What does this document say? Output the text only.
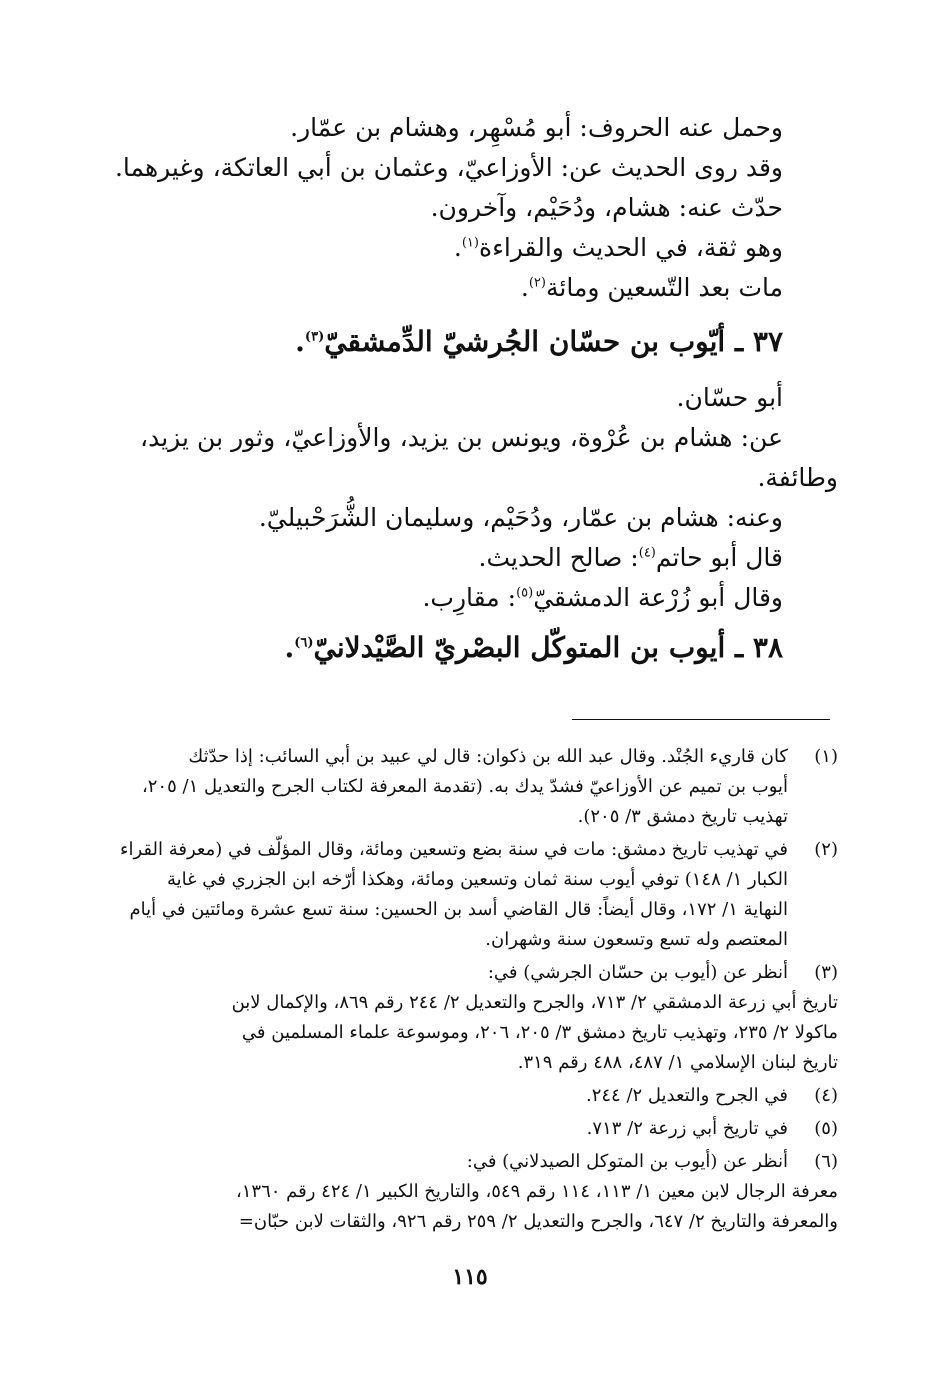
وحمل عنه الحروف: أبو مُسْهِر، وهشام بن عمّار.

وقد روى الحديث عن: الأوزاعيّ، وعثمان بن أبي العاتكة، وغيرهما.

حدّث عنه: هشام، ودُحَيْم، وآخرون.

وهو ثقة، في الحديث والقراءة$^{(١)}$.

مات بعد التّسعين ومائة$^{(٢)}$.

٣٧ ـ أيّوب بن حسّان الجُرشيّ الدِّمشقيّ$^{(٣)}$.

أبو حسّان.

عن: هشام بن عُرْوة، ويونس بن يزيد، والأوزاعيّ، وثور بن يزيد، وطائفة.

وعنه: هشام بن عمّار، ودُحَيْم، وسليمان الشُّرَحْبيليّ.

قال أبو حاتم$^{(٤)}$: صالح الحديث.

وقال أبو زُرْعة الدمشقيّ$^{(٥)}$: مقارِب.

٣٨ ـ أيوب بن المتوكّل البصْريّ الصَّيْدلانيّ$^{(٦)}$.
(١)
كان قاريء الجُنْد. وقال عبد الله بن ذكوان: قال لي عبيد بن أبي السائب: إذا حدّثك
أيوب بن تميم عن الأوزاعيّ فشدّ يدك به. (تقدمة المعرفة لكتاب الجرح والتعديل ١/ ٢٠٥،
تهذيب تاريخ دمشق ٣/ ٢٠٥).
(٢)
في تهذيب تاريخ دمشق: مات في سنة بضع وتسعين ومائة، وقال المؤلّف في (معرفة القراء
الكبار ١/ ١٤٨) توفي أيوب سنة ثمان وتسعين ومائة، وهكذا أرّخه ابن الجزري في غاية
النهاية ١/ ١٧٢، وقال أيضاً: قال القاضي أسد بن الحسين: سنة تسع عشرة ومائتين في أيام
المعتصم وله تسع وتسعون سنة وشهران.
(٣)
أنظر عن (أيوب بن حسّان الجرشي) في:
تاريخ أبي زرعة الدمشقي ٢/ ٧١٣، والجرح والتعديل ٢/ ٢٤٤ رقم ٨٦٩، والإكمال لابن
ماكولا ٢/ ٢٣٥، وتهذيب تاريخ دمشق ٣/ ٢٠٥، ٢٠٦، وموسوعة علماء المسلمين في
تاريخ لبنان الإسلامي ١/ ٤٨٧، ٤٨٨ رقم ٣١٩.
(٤)
في الجرح والتعديل ٢/ ٢٤٤.
(٥)
في تاريخ أبي زرعة ٢/ ٧١٣.
(٦)
أنظر عن (أيوب بن المتوكل الصيدلاني) في:
معرفة الرجال لابن معين ١/ ١١٣، ١١٤ رقم ٥٤٩، والتاريخ الكبير ١/ ٤٢٤ رقم ١٣٦٠،
والمعرفة والتاريخ ٢/ ٦٤٧، والجرح والتعديل ٢/ ٢٥٩ رقم ٩٢٦، والثقات لابن حبّان=
١١٥
